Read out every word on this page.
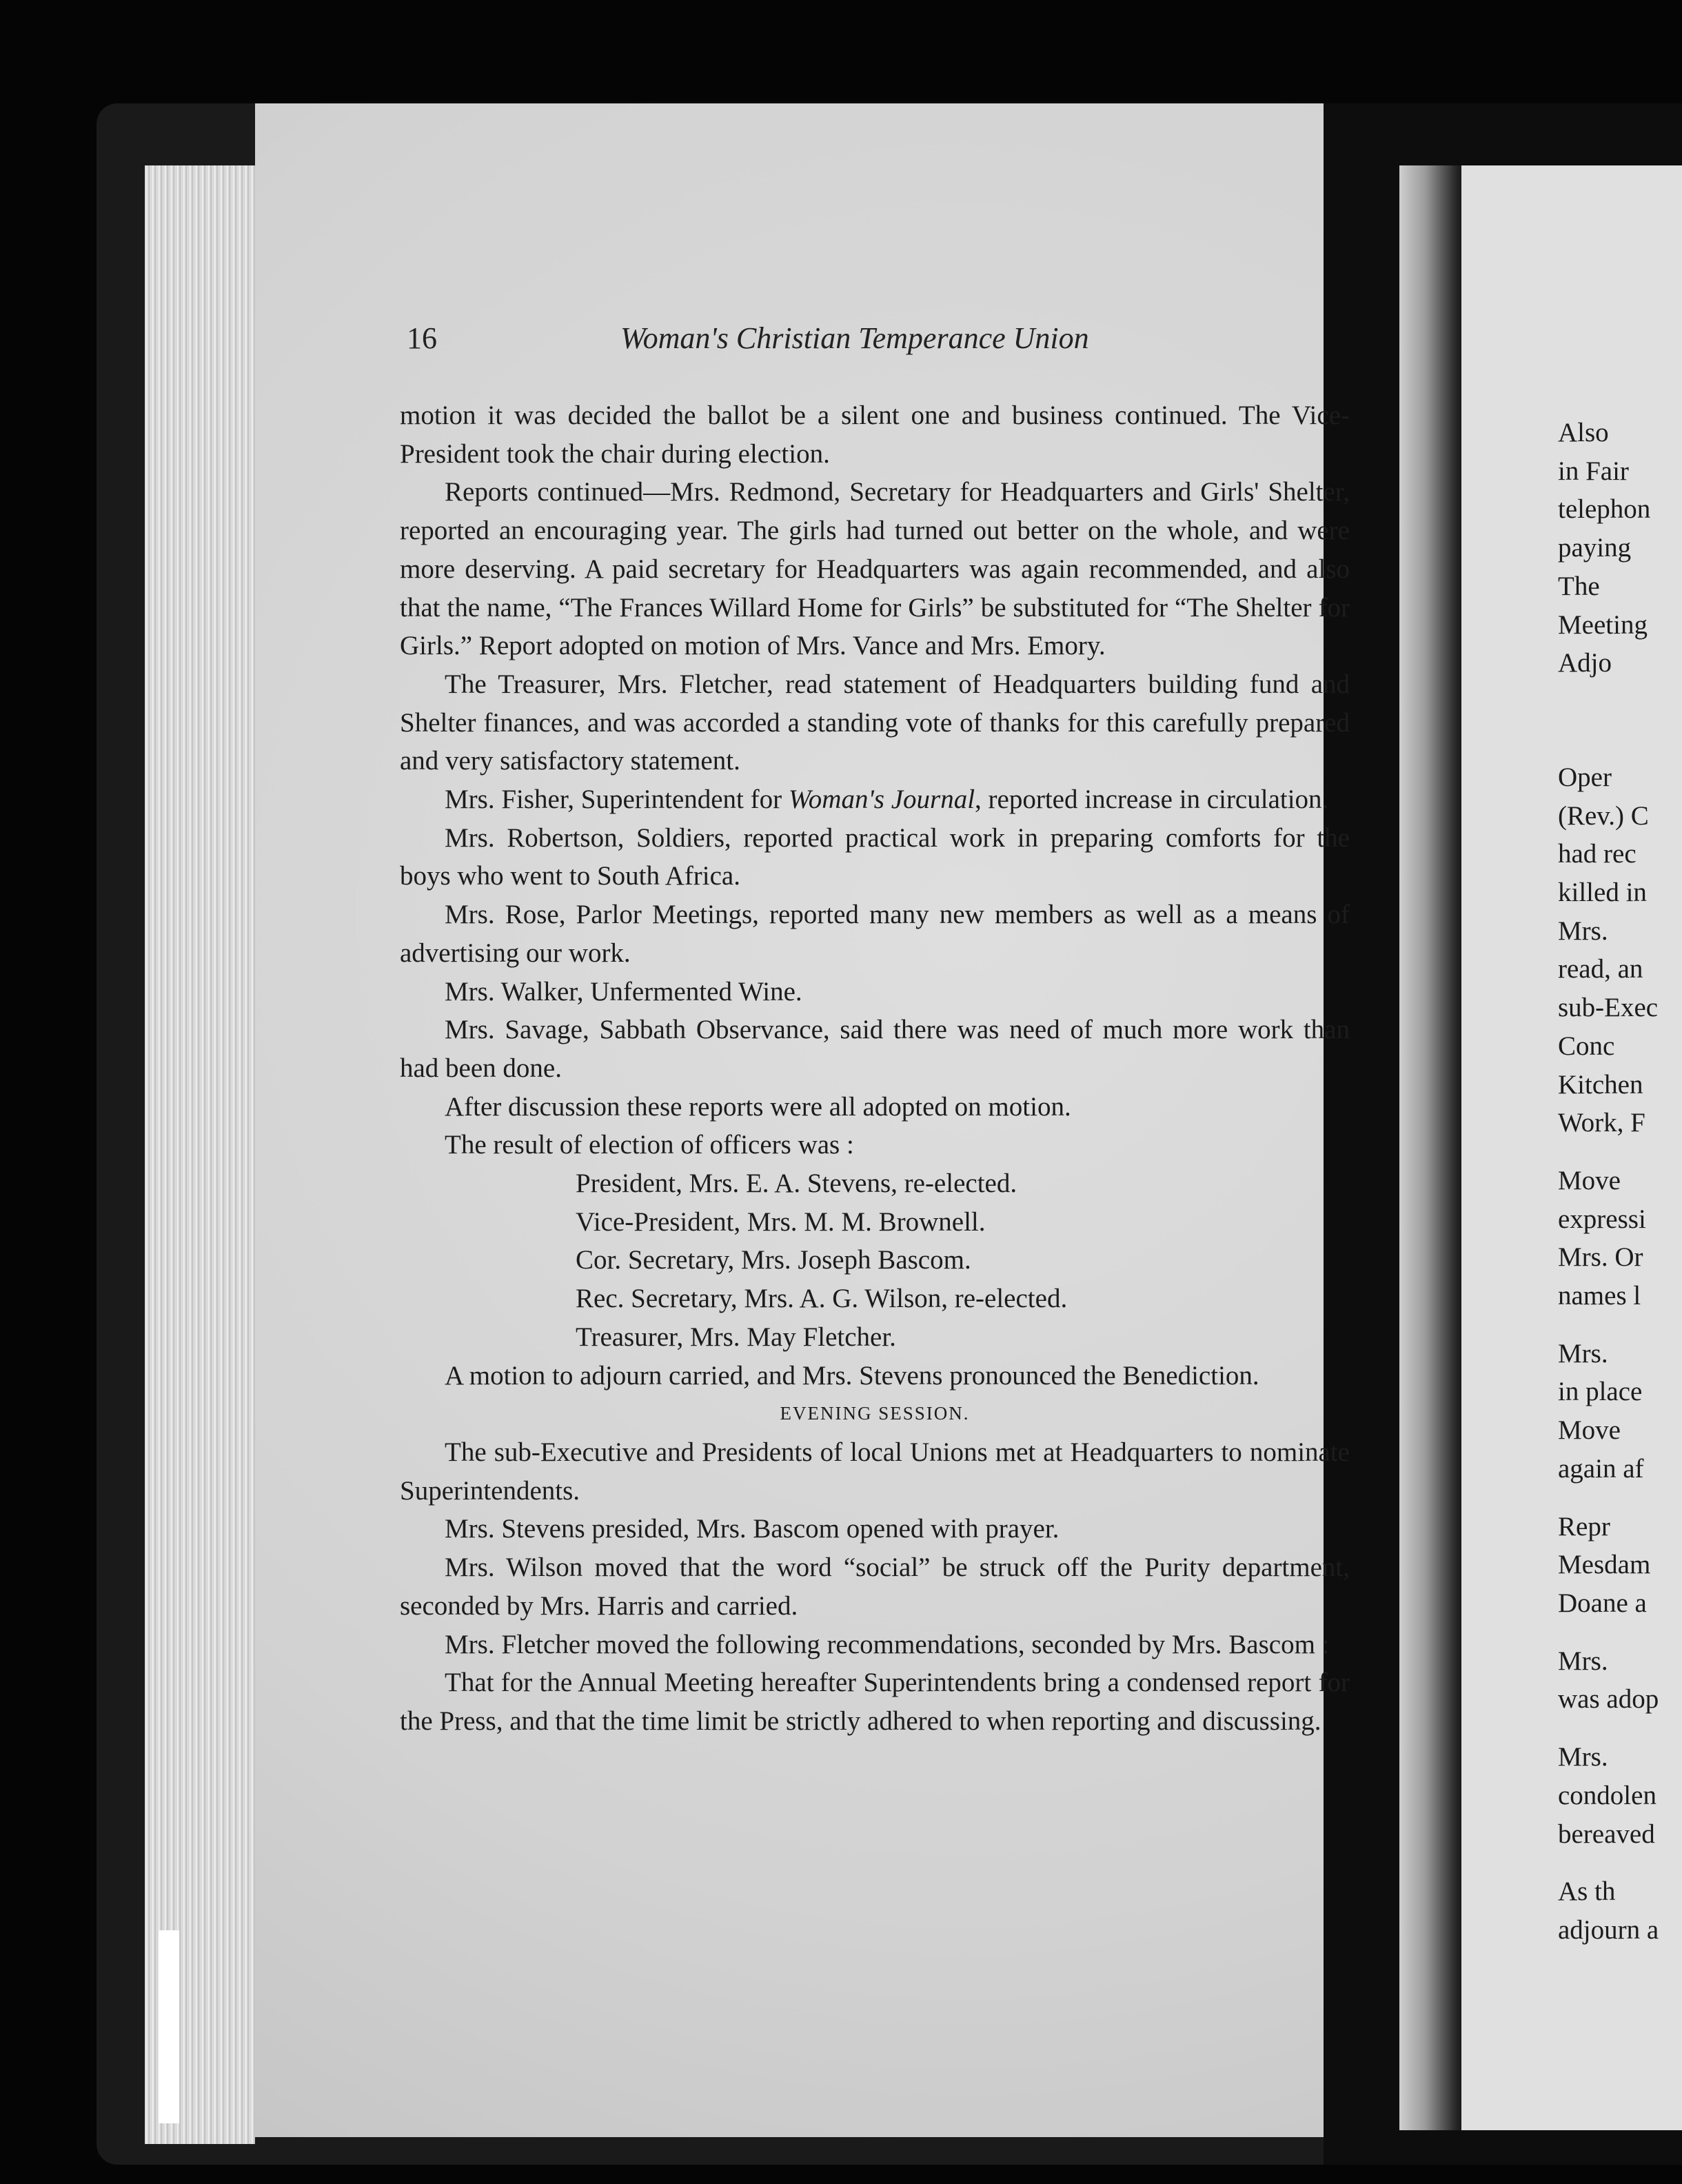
16	Woman's Christian Temperance Union

motion it was decided the ballot be a silent one and business continued. The Vice-President took the chair during election.

Reports continued—Mrs. Redmond, Secretary for Headquarters and Girls' Shelter, reported an encouraging year. The girls had turned out better on the whole, and were more deserving. A paid secretary for Headquarters was again recommended, and also that the name, “The Frances Willard Home for Girls” be substituted for “The Shelter for Girls.” Report adopted on motion of Mrs. Vance and Mrs. Emory.

The Treasurer, Mrs. Fletcher, read statement of Headquarters building fund and Shelter finances, and was accorded a standing vote of thanks for this carefully prepared and very satisfactory statement.

Mrs. Fisher, Superintendent for Woman's Journal, reported increase in circulation.

Mrs. Robertson, Soldiers, reported practical work in preparing comforts for the boys who went to South Africa.

Mrs. Rose, Parlor Meetings, reported many new members as well as a means of advertising our work.

Mrs. Walker, Unfermented Wine.

Mrs. Savage, Sabbath Observance, said there was need of much more work than had been done.

After discussion these reports were all adopted on motion.

The result of election of officers was :

President, Mrs. E. A. Stevens, re-elected.
Vice-President, Mrs. M. M. Brownell.
Cor. Secretary, Mrs. Joseph Bascom.
Rec. Secretary, Mrs. A. G. Wilson, re-elected.
Treasurer, Mrs. May Fletcher.

A motion to adjourn carried, and Mrs. Stevens pronounced the Benediction.

EVENING SESSION.

The sub-Executive and Presidents of local Unions met at Headquarters to nominate Superintendents.

Mrs. Stevens presided, Mrs. Bascom opened with prayer.

Mrs. Wilson moved that the word “social” be struck off the Purity department, seconded by Mrs. Harris and carried.

Mrs. Fletcher moved the following recommendations, seconded by Mrs. Bascom :

That for the Annual Meeting hereafter Superintendents bring a condensed report for the Press, and that the time limit be strictly adhered to when reporting and discussing.

Also
in Fair
telephon
paying
The
Meeting
Adjo
Oper
(Rev.) C
had rec
killed in
Mrs.
read, an
sub-Exec
Conc
Kitchen
Work, F
Move
expressi
Mrs. Or
names l
Mrs.
in place
Move
again af
Repr
Mesdam
Doane a
Mrs.
was adop
Mrs.
condolen
bereaved
As th
adjourn a
